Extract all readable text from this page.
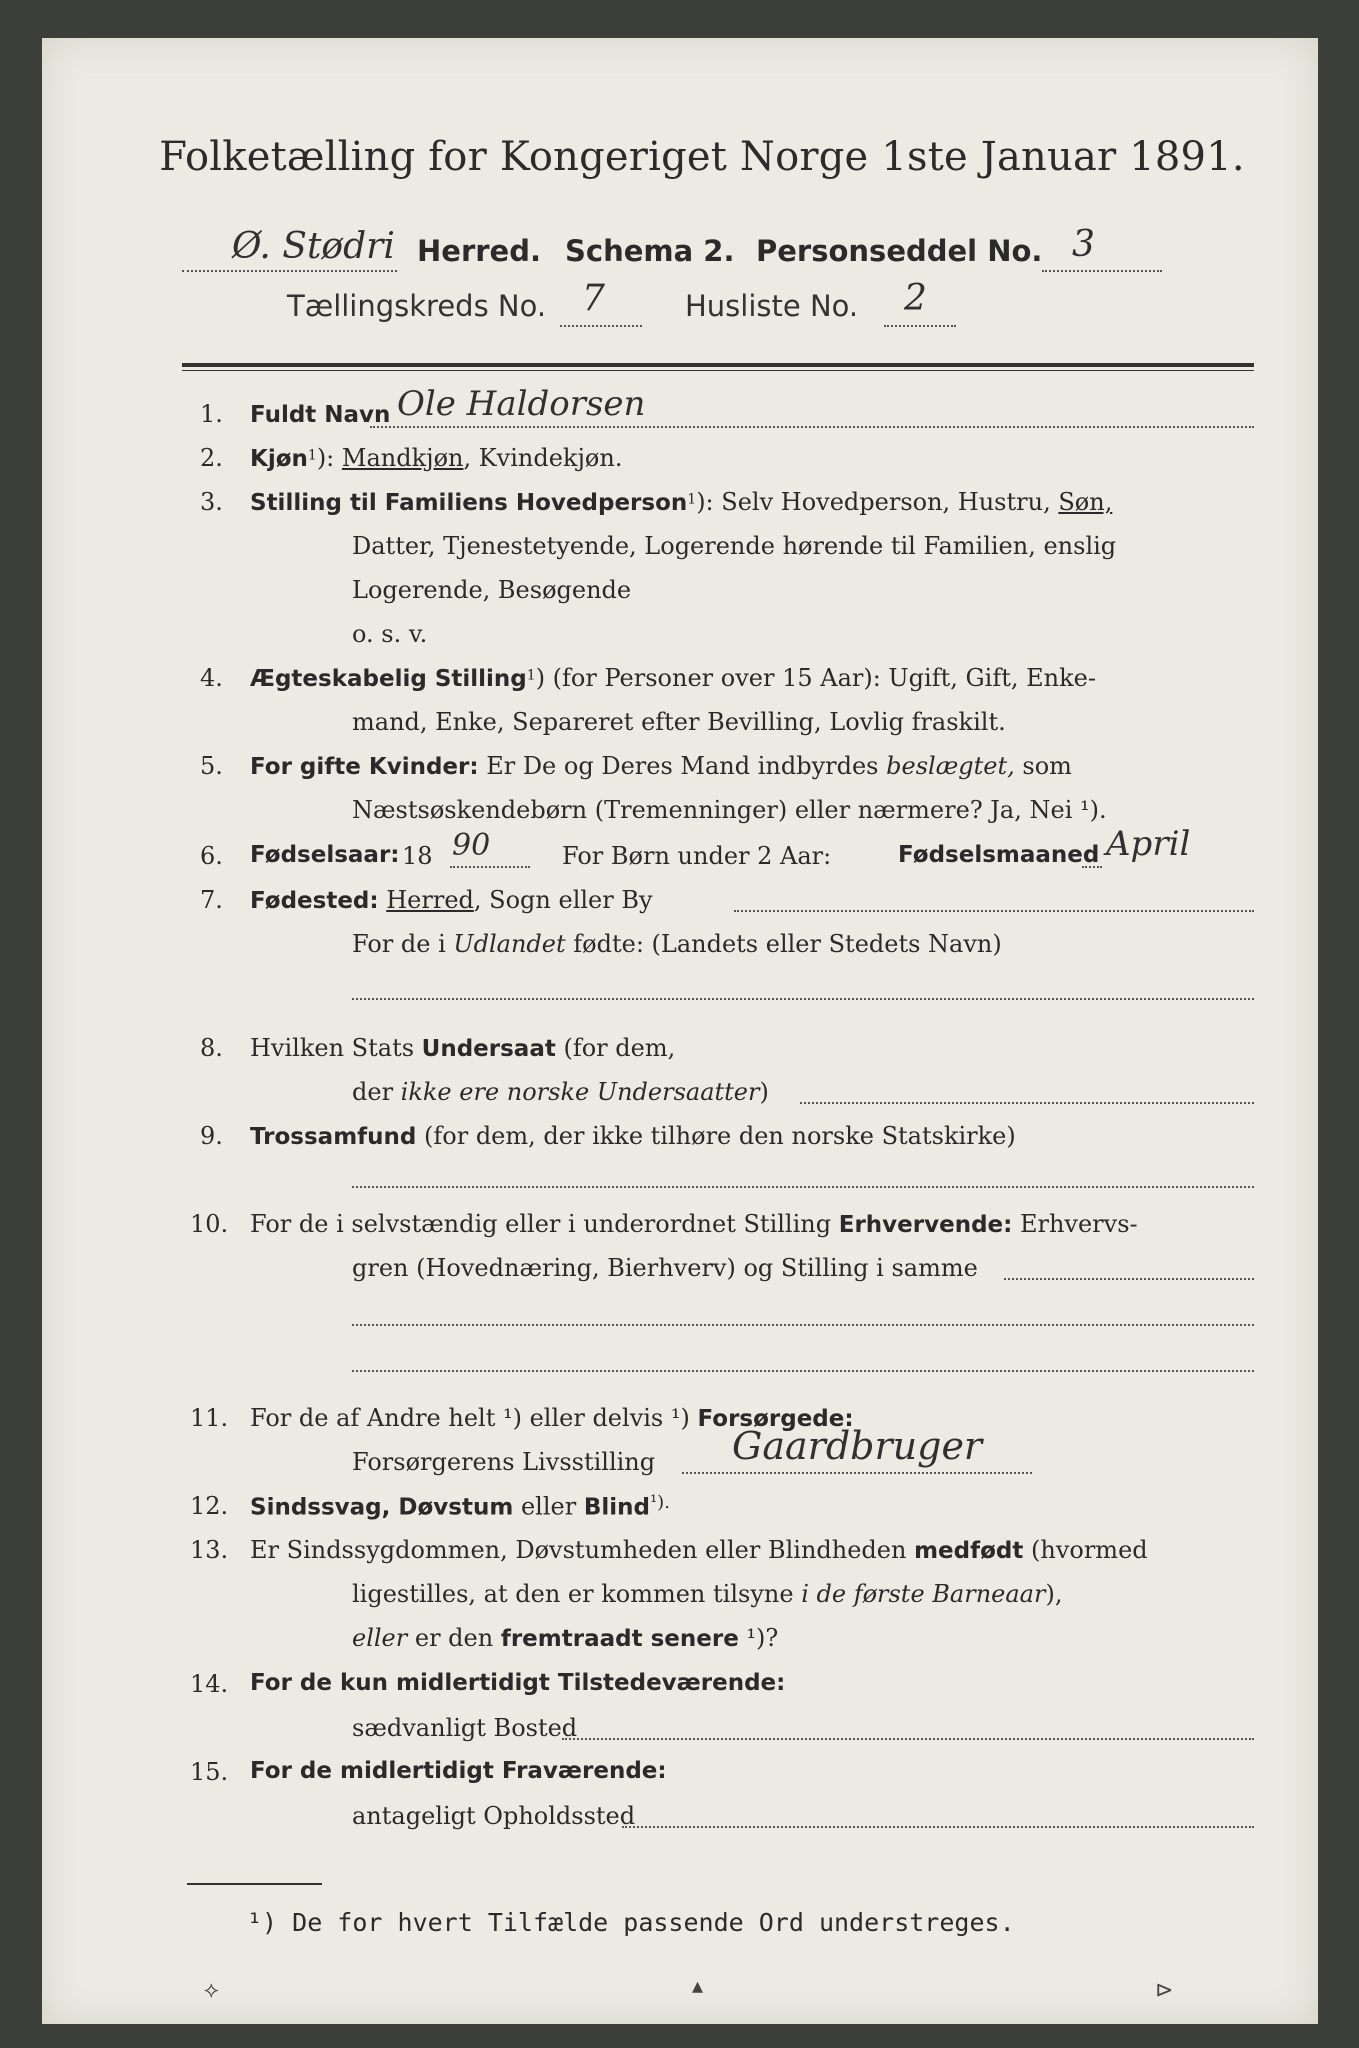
Folketælling for Kongeriget Norge 1ste Januar 1891.
Ø. Stødri Herred. Schema 2. Personseddel No. 3
Tællingskreds No. 7	Husliste No. 2
1. Fuldt Navn Ole Haldorsen
2. Kjøn$^1$): Mandkjøn, Kvindekjøn.
3. Stilling til Familiens Hovedperson$^1$): Selv Hovedperson, Hustru, Søn,
Datter, Tjenestetyende, Logerende hørende til Familien, enslig
Logerende, Besøgende
o. s. v.
4. Ægteskabelig Stilling$^1$) (for Personer over 15 Aar): Ugift, Gift, Enke-
mand, Enke, Separeret efter Bevilling, Lovlig fraskilt.
5. For gifte Kvinder: Er De og Deres Mand indbyrdes beslægtet, som
Næstsøskendebørn (Tremenninger) eller nærmere? Ja, Nei ¹).
6. Fødselsaar: 18 90	For Børn under 2 Aar:	Fødselsmaaned April
7. Fødested: Herred, Sogn eller By
For de i Udlandet fødte: (Landets eller Stedets Navn)
8. Hvilken Stats Undersaat (for dem,
der ikke ere norske Undersaatter)
9. Trossamfund (for dem, der ikke tilhøre den norske Statskirke)
10. For de i selvstændig eller i underordnet Stilling Erhvervende: Erhvervs-
gren (Hovednæring, Bierhverv) og Stilling i samme
11. For de af Andre helt ¹) eller delvis ¹) Forsørgede:
Forsørgerens Livsstilling Gaardbruger
12. Sindssvag, Døvstum eller Blind¹).
13. Er Sindssygdommen, Døvstumheden eller Blindheden medfødt (hvormed
ligestilles, at den er kommen tilsyne i de første Barneaar),
eller er den fremtraadt senere ¹)?
14. For de kun midlertidigt Tilstedeværende:
sædvanligt Bosted
15. For de midlertidigt Fraværende:
antageligt Opholdssted
¹) De for hvert Tilfælde passende Ord understreges.
⟡	▴	⊳
